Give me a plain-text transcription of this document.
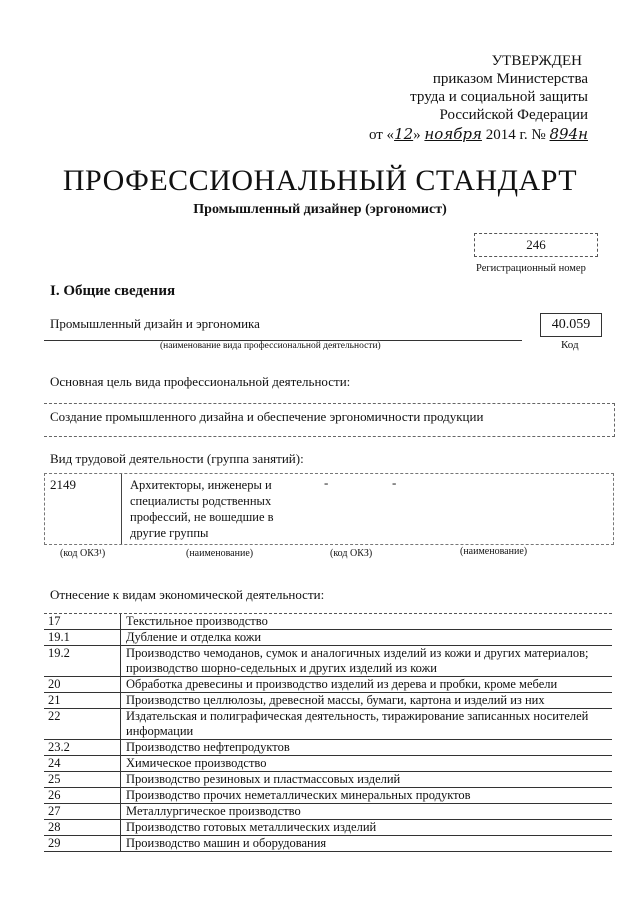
УТВЕРЖДЕН
приказом Министерства
труда и социальной защиты
Российской Федерации
от «12» ноября 2014 г. № 894н
ПРОФЕССИОНАЛЬНЫЙ СТАНДАРТ
Промышленный дизайнер (эргономист)
246
Регистрационный номер
I. Общие сведения
Промышленный дизайн и эргономика	40.059
(наименование вида профессиональной деятельности)	Код
Основная цель вида профессиональной деятельности:
Создание промышленного дизайна и обеспечение эргономичности продукции
Вид трудовой деятельности (группа занятий):
2149	Архитекторы, инженеры и специалисты родственных профессий, не вошедшие в другие группы
-	-
(код ОКЗ¹)	(наименование)	(код ОКЗ)	(наименование)
Отнесение к видам экономической деятельности:
17	Текстильное производство
19.1	Дубление и отделка кожи
19.2	Производство чемоданов, сумок и аналогичных изделий из кожи и других материалов; производство шорно-седельных и других изделий из кожи
20	Обработка древесины и производство изделий из дерева и пробки, кроме мебели
21	Производство целлюлозы, древесной массы, бумаги, картона и изделий из них
22	Издательская и полиграфическая деятельность, тиражирование записанных носителей информации
23.2	Производство нефтепродуктов
24	Химическое производство
25	Производство резиновых и пластмассовых изделий
26	Производство прочих неметаллических минеральных продуктов
27	Металлургическое производство
28	Производство готовых металлических изделий
29	Производство машин и оборудования
